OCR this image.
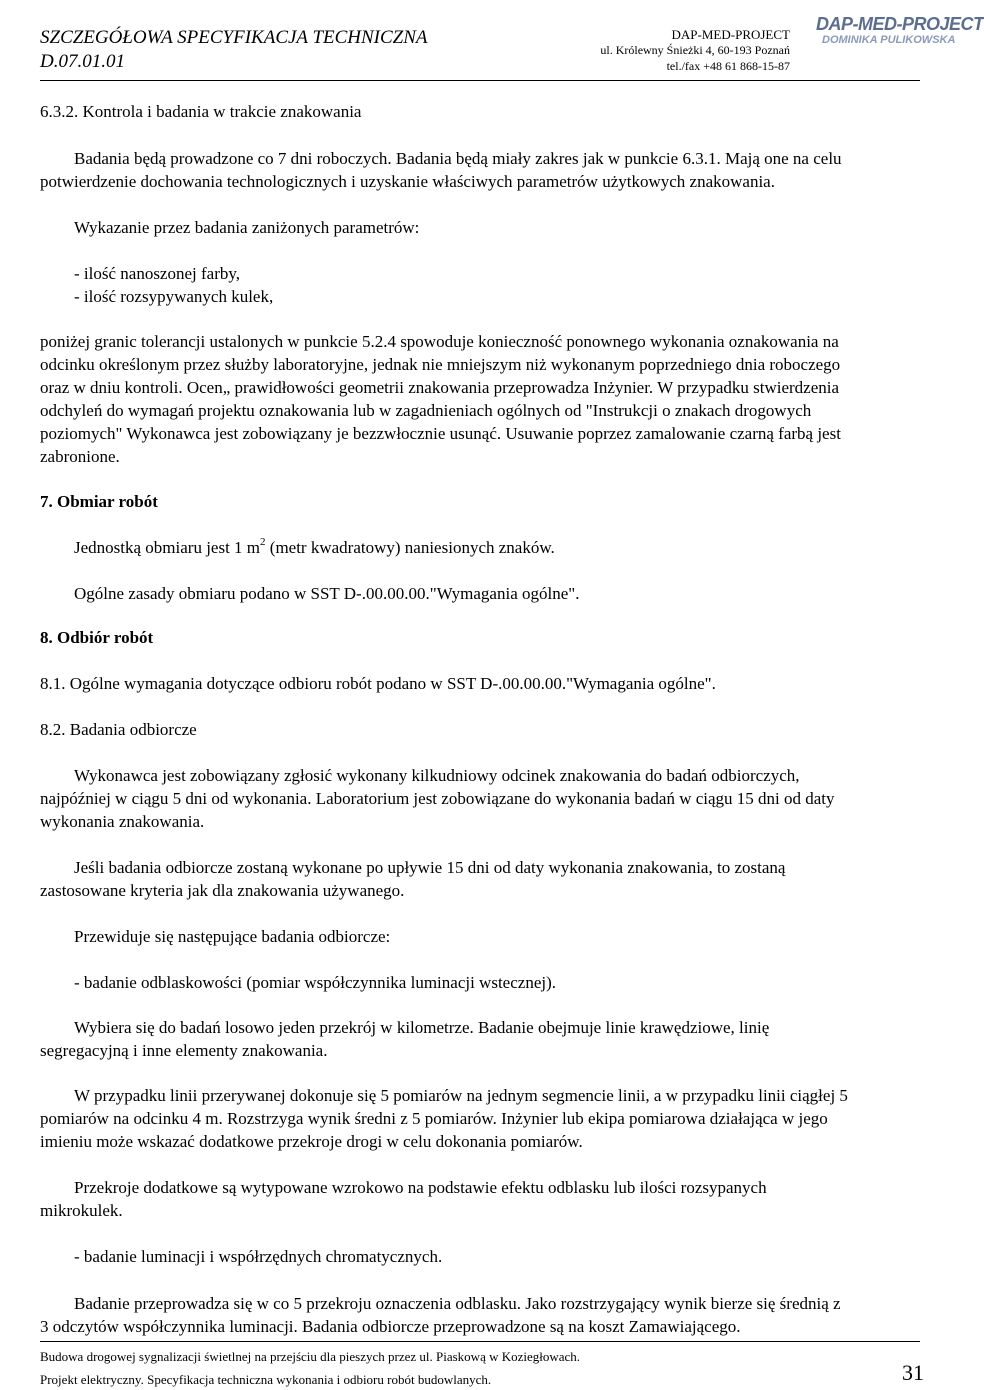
SZCZEGÓŁOWA SPECYFIKACJA TECHNICZNA
D.07.01.01
DAP-MED-PROJECT
ul. Królewny Śnieżki 4, 60-193 Poznań
tel./fax +48 61 868-15-87
DAP-MED-PROJECT
DOMINIKA PULIKOWSKA
6.3.2. Kontrola i badania w trakcie znakowania
Badania będą prowadzone co 7 dni roboczych. Badania będą miały zakres jak w punkcie 6.3.1. Mają one na celu
potwierdzenie dochowania technologicznych i uzyskanie właściwych parametrów użytkowych znakowania.
Wykazanie przez badania zaniżonych parametrów:
- ilość nanoszonej farby,
- ilość rozsypywanych kulek,
poniżej granic tolerancji ustalonych w punkcie 5.2.4 spowoduje konieczność ponownego wykonania oznakowania na
odcinku określonym przez służby laboratoryjne, jednak nie mniejszym niż wykonanym poprzedniego dnia roboczego
oraz w dniu kontroli. Ocen„ prawidłowości geometrii znakowania przeprowadza Inżynier. W przypadku stwierdzenia
odchyleń do wymagań projektu oznakowania lub w zagadnieniach ogólnych od "Instrukcji o znakach drogowych
poziomych" Wykonawca jest zobowiązany je bezzwłocznie usunąć. Usuwanie poprzez zamalowanie czarną farbą jest
zabronione.
7. Obmiar robót
Jednostką obmiaru jest 1 $m^2$ (metr kwadratowy) naniesionych znaków.
Ogólne zasady obmiaru podano w SST D-.00.00.00."Wymagania ogólne".
8. Odbiór robót
8.1. Ogólne wymagania dotyczące odbioru robót podano w SST D-.00.00.00."Wymagania ogólne".
8.2. Badania odbiorcze
Wykonawca jest zobowiązany zgłosić wykonany kilkudniowy odcinek znakowania do badań odbiorczych,
najpóźniej w ciągu 5 dni od wykonania. Laboratorium jest zobowiązane do wykonania badań w ciągu 15 dni od daty
wykonania znakowania.
Jeśli badania odbiorcze zostaną wykonane po upływie 15 dni od daty wykonania znakowania, to zostaną
zastosowane kryteria jak dla znakowania używanego.
Przewiduje się następujące badania odbiorcze:
- badanie odblaskowości (pomiar współczynnika luminacji wstecznej).
Wybiera się do badań losowo jeden przekrój w kilometrze. Badanie obejmuje linie krawędziowe, linię
segregacyjną i inne elementy znakowania.
W przypadku linii przerywanej dokonuje się 5 pomiarów na jednym segmencie linii, a w przypadku linii ciągłej 5
pomiarów na odcinku 4 m. Rozstrzyga wynik średni z 5 pomiarów. Inżynier lub ekipa pomiarowa działająca w jego
imieniu może wskazać dodatkowe przekroje drogi w celu dokonania pomiarów.
Przekroje dodatkowe są wytypowane wzrokowo na podstawie efektu odblasku lub ilości rozsypanych
mikrokulek.
- badanie luminacji i współrzędnych chromatycznych.
Badanie przeprowadza się w co 5 przekroju oznaczenia odblasku. Jako rozstrzygający wynik bierze się średnią z
3 odczytów współczynnika luminacji. Badania odbiorcze przeprowadzone są na koszt Zamawiającego.
Budowa drogowej sygnalizacji świetlnej na przejściu dla pieszych przez ul. Piaskową w Koziegłowach.
Projekt elektryczny. Specyfikacja techniczna wykonania i odbioru robót budowlanych.	31
